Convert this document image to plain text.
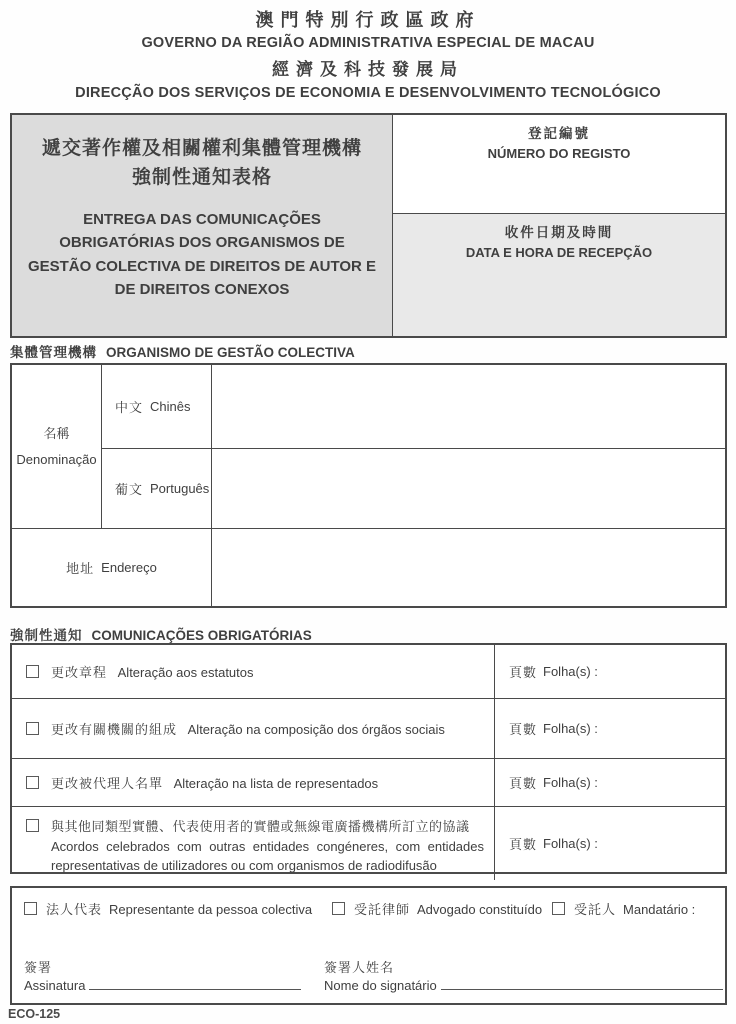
澳門特別行政區政府
GOVERNO DA REGIÃO ADMINISTRATIVA ESPECIAL DE MACAU
經濟及科技發展局
DIRECÇÃO DOS SERVIÇOS DE ECONOMIA E DESENVOLVIMENTO TECNOLÓGICO
遞交著作權及相關權利集體管理機構
強制性通知表格
ENTREGA DAS COMUNICAÇÕES OBRIGATÓRIAS DOS ORGANISMOS DE GESTÃO COLECTIVA DE DIREITOS DE AUTOR E DE DIREITOS CONEXOS
登記編號
NÚMERO DO REGISTO
收件日期及時間
DATA E HORA DE RECEPÇÃO
集體管理機構 ORGANISMO DE GESTÃO COLECTIVA
名稱
Denominação
中文 Chinês
葡文 Português
地址 Endereço
強制性通知 COMUNICAÇÕES OBRIGATÓRIAS
更改章程 Alteração aos estatutos	頁數 Folha(s) :
更改有關機關的組成 Alteração na composição dos órgãos sociais	頁數 Folha(s) :
更改被代理人名單 Alteração na lista de representados	頁數 Folha(s) :
與其他同類型實體、代表使用者的實體或無線電廣播機構所訂立的協議
Acordos celebrados com outras entidades congéneres, com entidades representativas de utilizadores ou com organismos de radiodifusão
頁數 Folha(s) :
法人代表 Representante da pessoa colectiva	受託律師 Advogado constituído 受託人 Mandatário :
簽署
Assinatura
簽署人姓名
Nome do signatário
ECO-125
